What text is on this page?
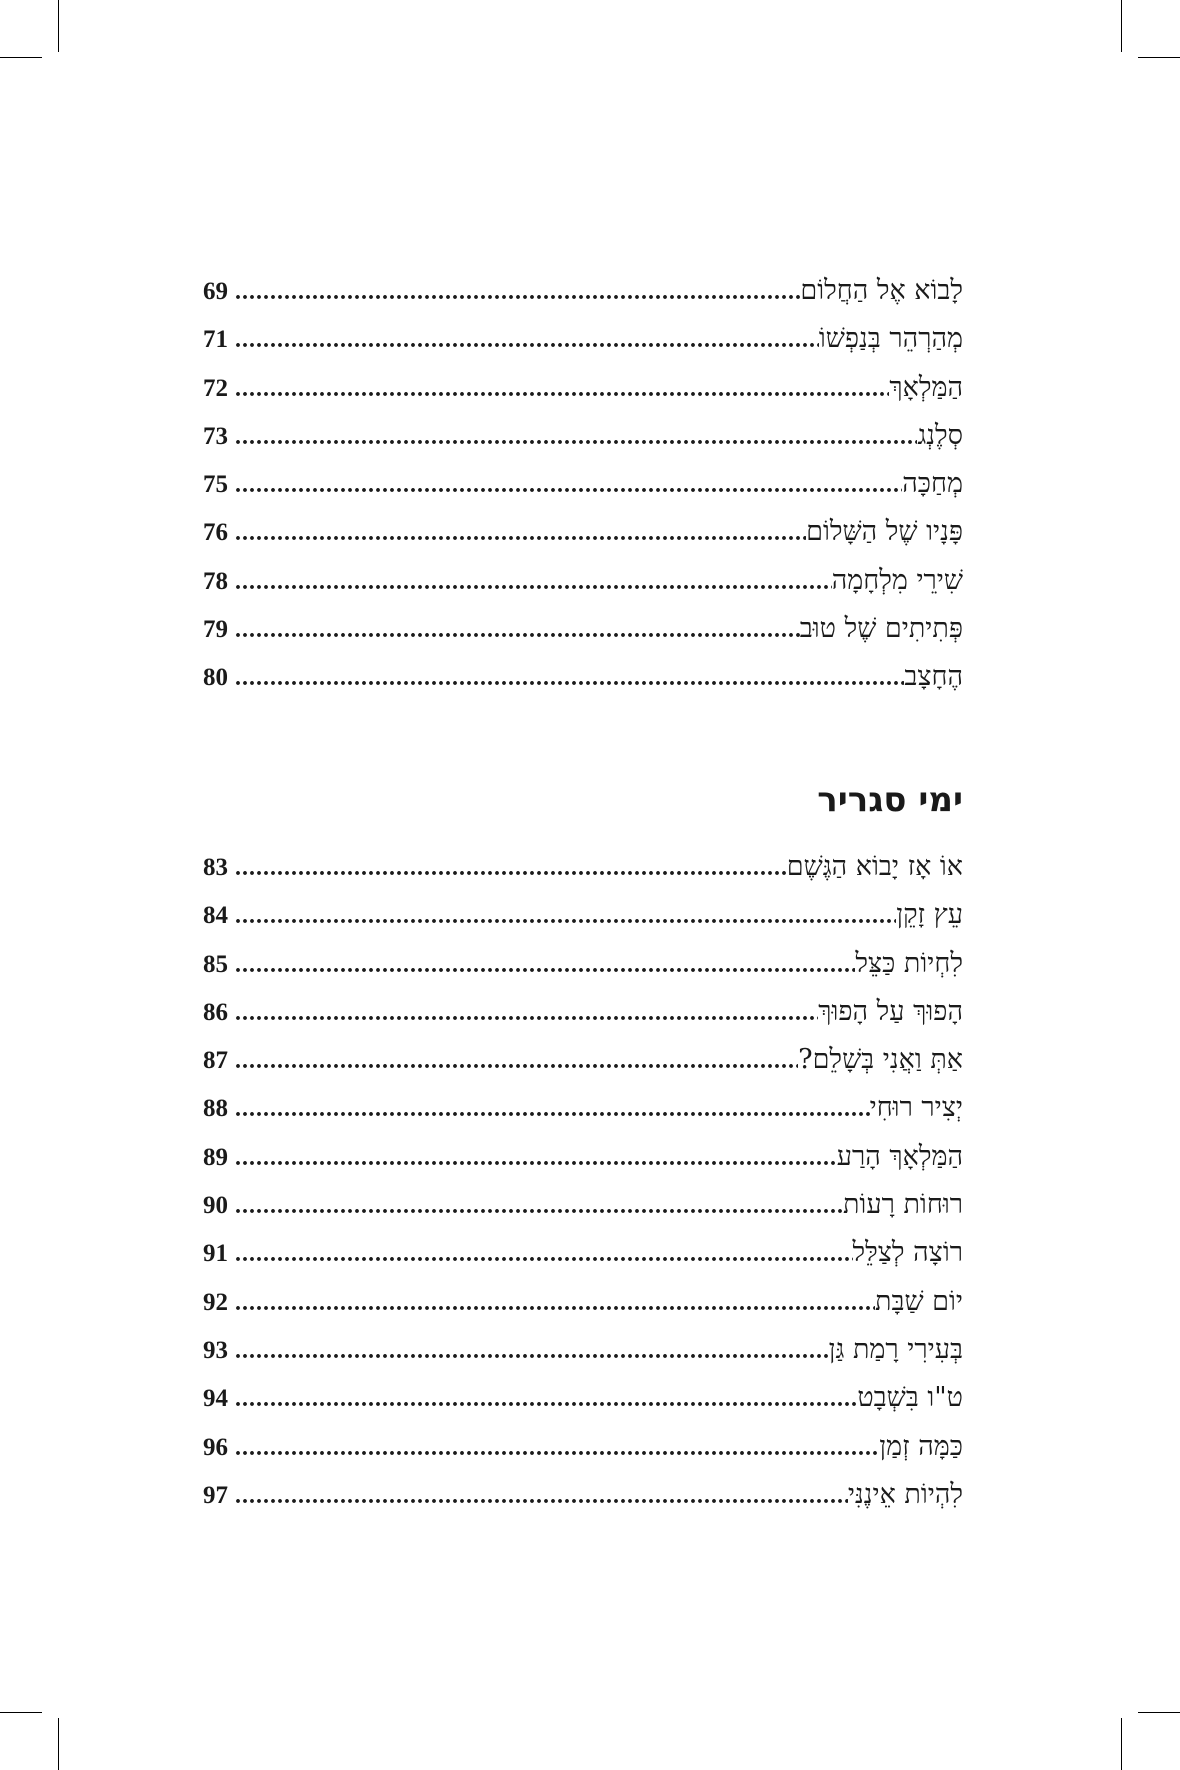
לָבוֹא אֶל הַחֲלוֹם
.....
69
מְהַרְהֵר בְּנַפְשׁוֹ
.....
71
הַמַּלְאָךְ
.....
72
סְלֶנְג
.....
73
מְחַכָּה
.....
75
פָּנָיו שֶׁל הַשָּׁלוֹם
.....
76
שִׁירֵי מִלְחָמָה
.....
78
פְּתִיתִים שֶׁל טוּב
.....
79
הֶחָצָב
.....
80
ימי סגריר
אוֹ אָז יָבוֹא הַגֶּשֶׁם
.....
83
עֵץ זָקֵן
.....
84
לִחְיוֹת כַּצֵּל
.....
85
הָפוּךְ עַל הָפוּךְ
.....
86
אַתְּ וַאֲנִי בְּשָׁלֵם?
.....
87
יְצִיר רוּחִי
.....
88
הַמַּלְאָךְ הָרַע
.....
89
רוּחוֹת רָעוֹת
.....
90
רוֹצָה לְצַלֵּל
.....
91
יוֹם שַׁבָּת
.....
92
בְּעִירִי רָמַת גַּן
.....
93
ט"ו בִּשְׁבָט
.....
94
כַּמָּה זְמַן
.....
96
לִהְיוֹת אֵינֶנִּי
.....
97
